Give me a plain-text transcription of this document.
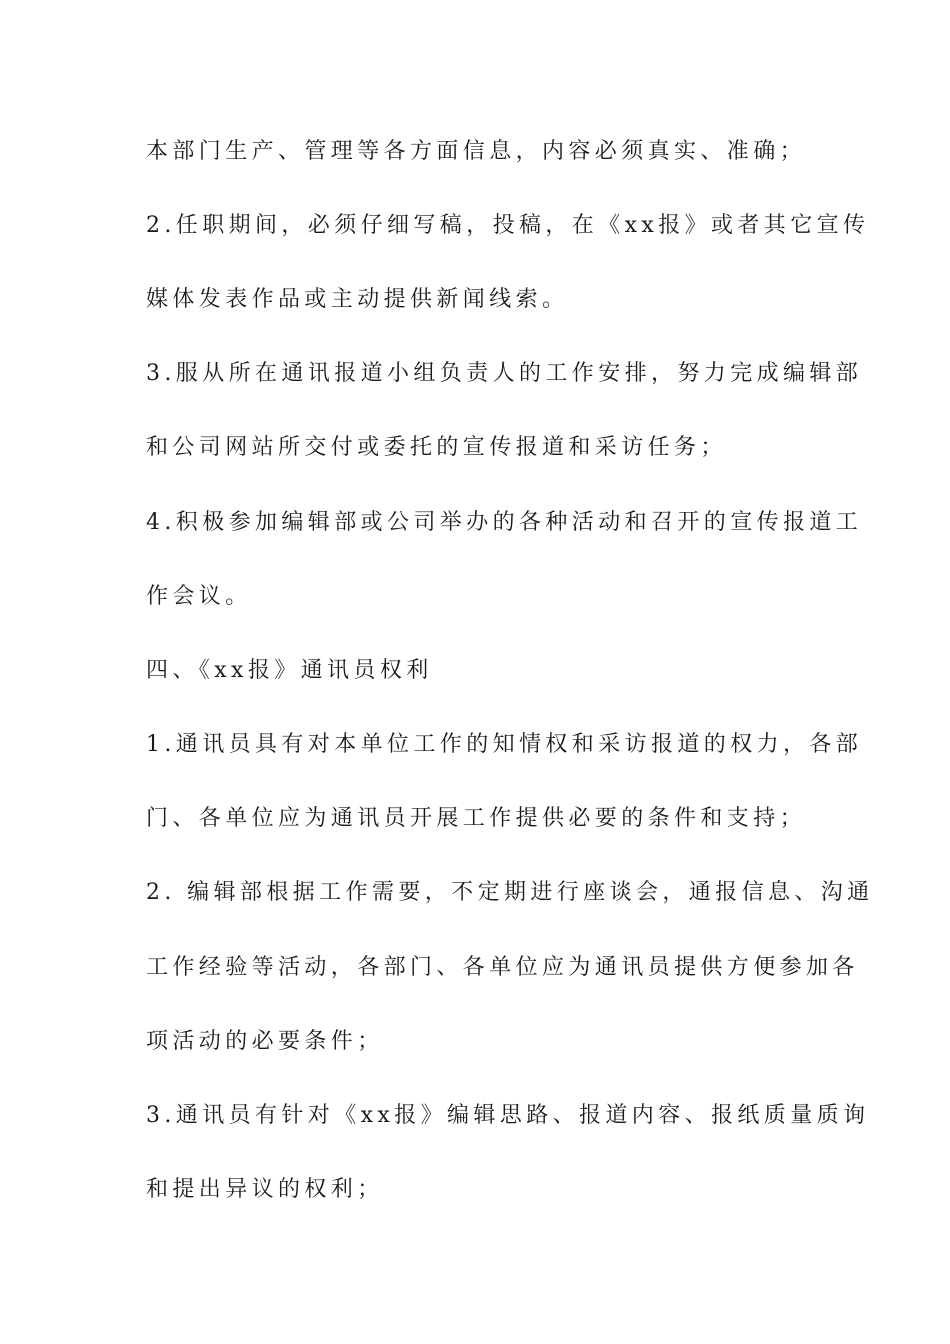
本部门生产、管理等各方面信息，内容必须真实、准确；
2.任职期间，必须仔细写稿，投稿，在《xx报》或者其它宣传
媒体发表作品或主动提供新闻线索。
3.服从所在通讯报道小组负责人的工作安排，努力完成编辑部
和公司网站所交付或委托的宣传报道和采访任务；
4.积极参加编辑部或公司举办的各种活动和召开的宣传报道工
作会议。
四、《xx报》通讯员权利
1.通讯员具有对本单位工作的知情权和采访报道的权力，各部
门、各单位应为通讯员开展工作提供必要的条件和支持；
2. 编辑部根据工作需要，不定期进行座谈会，通报信息、沟通
工作经验等活动，各部门、各单位应为通讯员提供方便参加各
项活动的必要条件；
3.通讯员有针对《xx报》编辑思路、报道内容、报纸质量质询
和提出异议的权利；
